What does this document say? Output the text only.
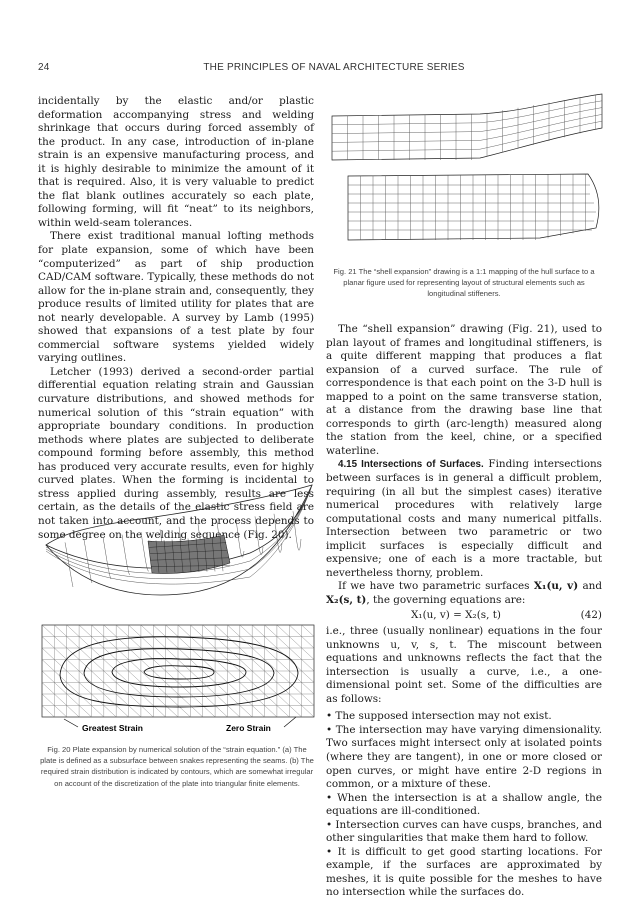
24	THE PRINCIPLES OF NAVAL ARCHITECTURE SERIES

incidentally by the elastic and/or plastic deformation accompanying stress and welding shrinkage that occurs during forced assembly of the product. In any case, introduction of in-plane strain is an expensive manufacturing process, and it is highly desirable to minimize the amount of it that is required. Also, it is very valuable to predict the flat blank outlines accurately so each plate, following forming, will fit “neat” to its neighbors, within weld-seam tolerances.

There exist traditional manual lofting methods for plate expansion, some of which have been “computerized” as part of ship production CAD/CAM software. Typically, these methods do not allow for the in-plane strain and, consequently, they produce results of limited utility for plates that are not nearly developable. A survey by Lamb (1995) showed that expansions of a test plate by four commercial software systems yielded widely varying outlines.

Letcher (1993) derived a second-order partial differential equation relating strain and Gaussian curvature distributions, and showed methods for numerical solution of this “strain equation” with appropriate boundary conditions. In production methods where plates are subjected to deliberate compound forming before assembly, this method has produced very accurate results, even for highly curved plates. When the forming is incidental to stress applied during assembly, results are less certain, as the details of the elastic stress field are not taken into account, and the process depends to some degree on the welding sequence (Fig. 20).

Fig. 21 The “shell expansion” drawing is a 1:1 mapping of the hull surface to a planar figure used for representing layout of structural elements such as longitudinal stiffeners.
Greatest Strain	Zero Strain
Fig. 20 Plate expansion by numerical solution of the “strain equation.” (a) The plate is defined as a subsurface between snakes representing the seams. (b) The required strain distribution is indicated by contours, which are somewhat irregular on account of the discretization of the plate into triangular finite elements.

The “shell expansion” drawing (Fig. 21), used to plan layout of frames and longitudinal stiffeners, is a quite different mapping that produces a flat expansion of a curved surface. The rule of correspondence is that each point on the 3-D hull is mapped to a point on the same transverse station, at a distance from the drawing base line that corresponds to girth (arc-length) measured along the station from the keel, chine, or a specified waterline.

4.15 Intersections of Surfaces. Finding intersections between surfaces is in general a difficult problem, requiring (in all but the simplest cases) iterative numerical procedures with relatively large computational costs and many numerical pitfalls. Intersection between two parametric or two implicit surfaces is especially difficult and expensive; one of each is a more tractable, but nevertheless thorny, problem.

If we have two parametric surfaces X₁(u, v) and X₂(s, t), the governing equations are:

X₁(u, v) = X₂(s, t)	(42)

i.e., three (usually nonlinear) equations in the four unknowns u, v, s, t. The miscount between equations and unknowns reflects the fact that the intersection is usually a curve, i.e., a one-dimensional point set. Some of the difficulties are as follows:

• The supposed intersection may not exist.
• The intersection may have varying dimensionality. Two surfaces might intersect only at isolated points (where they are tangent), in one or more closed or open curves, or might have entire 2-D regions in common, or a mixture of these.
• When the intersection is at a shallow angle, the equations are ill-conditioned.
• Intersection curves can have cusps, branches, and other singularities that make them hard to follow.
• It is difficult to get good starting locations. For example, if the surfaces are approximated by meshes, it is quite possible for the meshes to have no intersection while the surfaces do.
